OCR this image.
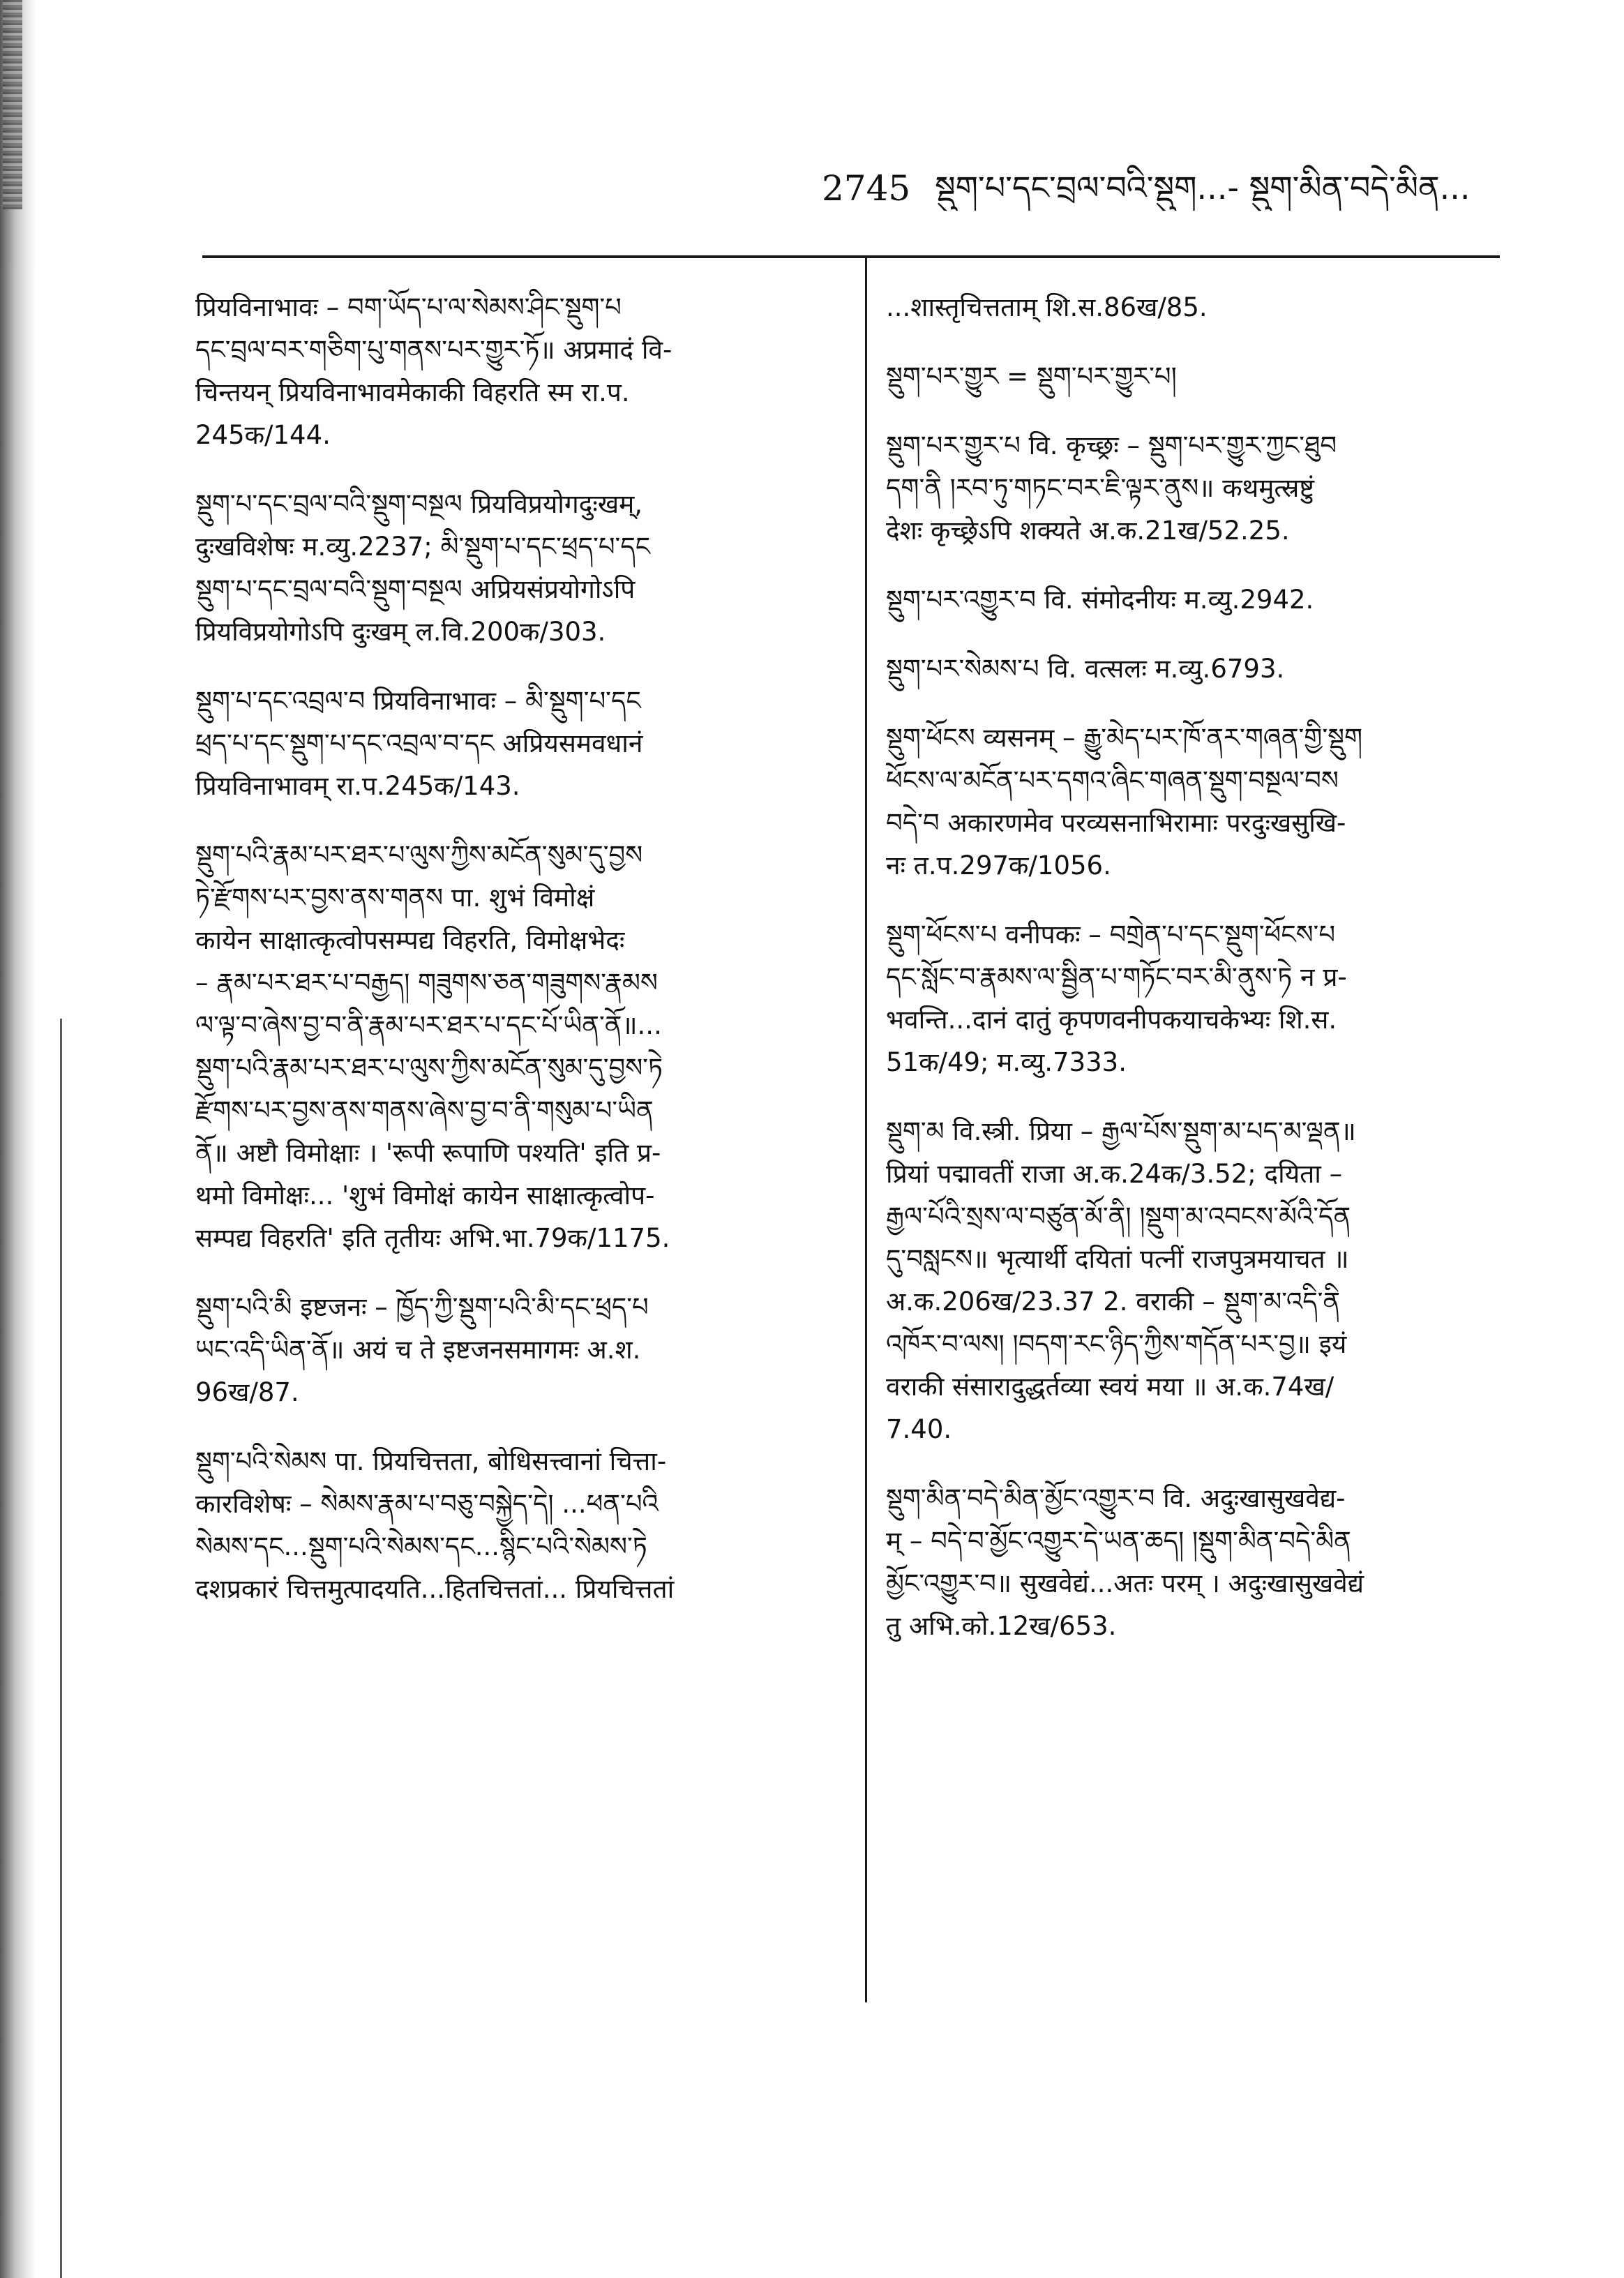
2745 སྡུག་པ་དང་བྲལ་བའི་སྡུག...- སྡུག་མིན་བདེ་མིན...
प्रियविनाभावः – བག་ཡོད་པ་ལ་སེམས་ཤིང་སྡུག་པ
དང་བྲལ་བར་གཅིག་པུ་གནས་པར་གྱུར་ཏོ॥ अप्रमादं वि-
चिन्तयन् प्रियविनाभावमेकाकी विहरति स्म रा.प.
245क/144.
སྡུག་པ་དང་བྲལ་བའི་སྡུག་བསྔལ प्रियविप्रयोगदुःखम्,
दुःखविशेषः म.व्यु.2237; མི་སྡུག་པ་དང་ཕྲད་པ་དང
སྡུག་པ་དང་བྲལ་བའི་སྡུག་བསྔལ अप्रियसंप्रयोगोऽपि
प्रियविप्रयोगोऽपि दुःखम् ल.वि.200क/303.
སྡུག་པ་དང་འབྲལ་བ प्रियविनाभावः – མི་སྡུག་པ་དང
ཕྲད་པ་དང་སྡུག་པ་དང་འབྲལ་བ་དང अप्रियसमवधानं
प्रियविनाभावम् रा.प.245क/143.
སྡུག་པའི་རྣམ་པར་ཐར་པ་ལུས་ཀྱིས་མངོན་སུམ་དུ་བྱས
ཏེ་རྫོགས་པར་བྱས་ནས་གནས पा. शुभं विमोक्षं
कायेन साक्षात्कृत्वोपसम्पद्य विहरति, विमोक्षभेदः
– རྣམ་པར་ཐར་པ་བརྒྱད། གཟུགས་ཅན་གཟུགས་རྣམས
ལ་ལྟ་བ་ཞེས་བྱ་བ་ནི་རྣམ་པར་ཐར་པ་དང་པོ་ཡིན་ནོ॥...
སྡུག་པའི་རྣམ་པར་ཐར་པ་ལུས་ཀྱིས་མངོན་སུམ་དུ་བྱས་ཏེ
རྫོགས་པར་བྱས་ནས་གནས་ཞེས་བྱ་བ་ནི་གསུམ་པ་ཡིན
ནོ॥ अष्टौ विमोक्षाः । 'रूपी रूपाणि पश्यति' इति प्र-
थमो विमोक्षः... 'शुभं विमोक्षं कायेन साक्षात्कृत्वोप-
सम्पद्य विहरति' इति तृतीयः अभि.भा.79क/1175.
སྡུག་པའི་མི इष्टजनः – ཁྱོད་ཀྱི་སྡུག་པའི་མི་དང་ཕྲད་པ
ཡང་འདི་ཡིན་ནོ॥ अयं च ते इष्टजनसमागमः अ.श.
96ख/87.
སྡུག་པའི་སེམས पा. प्रियचित्तता, बोधिसत्त्वानां चित्ता-
कारविशेषः – སེམས་རྣམ་པ་བཅུ་བསྐྱེད་དེ། ...ཕན་པའི
སེམས་དང...སྡུག་པའི་སེམས་དང...སྙིང་པའི་སེམས་ཏེ
दशप्रकारं चित्तमुत्पादयति...हितचित्ततां... प्रियचित्ततां
...शास्तृचित्तताम् शि.स.86ख/85.
སྡུག་པར་གྱུར = སྡུག་པར་གྱུར་པ།
སྡུག་པར་གྱུར་པ वि. कृच्छ्रः – སྡུག་པར་གྱུར་ཀྱང་ཐུབ
དག་ནི །རབ་ཏུ་གཏང་བར་ཇི་ལྟར་ནུས॥ कथमुत्स्रष्टुं
देशः कृच्छ्रेऽपि शक्यते अ.क.21ख/52.25.
སྡུག་པར་འགྱུར་བ वि. संमोदनीयः म.व्यु.2942.
སྡུག་པར་སེམས་པ वि. वत्सलः म.व्यु.6793.
སྡུག་ཕོངས व्यसनम् – རྒྱུ་མེད་པར་ཁོ་ནར་གཞན་གྱི་སྡུག
ཕོངས་ལ་མངོན་པར་དགའ་ཞིང་གཞན་སྡུག་བསྔལ་བས
བདེ་བ अकारणमेव परव्यसनाभिरामाः परदुःखसुखि-
नः त.प.297क/1056.
སྡུག་ཕོངས་པ वनीपकः – བགྲེན་པ་དང་སྡུག་ཕོངས་པ
དང་སློང་བ་རྣམས་ལ་སྦྱིན་པ་གཏོང་བར་མི་ནུས་ཏེ न प्र-
भवन्ति...दानं दातुं कृपणवनीपकयाचकेभ्यः शि.स.
51क/49; म.व्यु.7333.
སྡུག་མ वि.स्त्री. प्रिया – རྒྱལ་པོས་སྡུག་མ་པད་མ་ལྡན॥
प्रियां पद्मावतीं राजा अ.क.24क/3.52; दयिता –
རྒྱལ་པོའི་སྲས་ལ་བཙུན་མོ་ནི། །སྡུག་མ་འབངས་མོའི་དོན
དུ་བསླངས॥ भृत्यार्थी दयितां पत्नीं राजपुत्रमयाचत ॥
अ.क.206ख/23.37 2. वराकी – སྡུག་མ་འདི་ནི
འཁོར་བ་ལས། །བདག་རང་ཉིད་ཀྱིས་གདོན་པར་བྱ॥ इयं
वराकी संसारादुद्धर्तव्या स्वयं मया ॥ अ.क.74ख/
7.40.
སྡུག་མིན་བདེ་མིན་མྱོང་འགྱུར་བ वि. अदुःखासुखवेद्य-
म् – བདེ་བ་མྱོང་འགྱུར་དེ་ཡན་ཆད། །སྡུག་མིན་བདེ་མིན
མྱོང་འགྱུར་བ॥ सुखवेद्यं...अतः परम् । अदुःखासुखवेद्यं
तु अभि.को.12ख/653.
